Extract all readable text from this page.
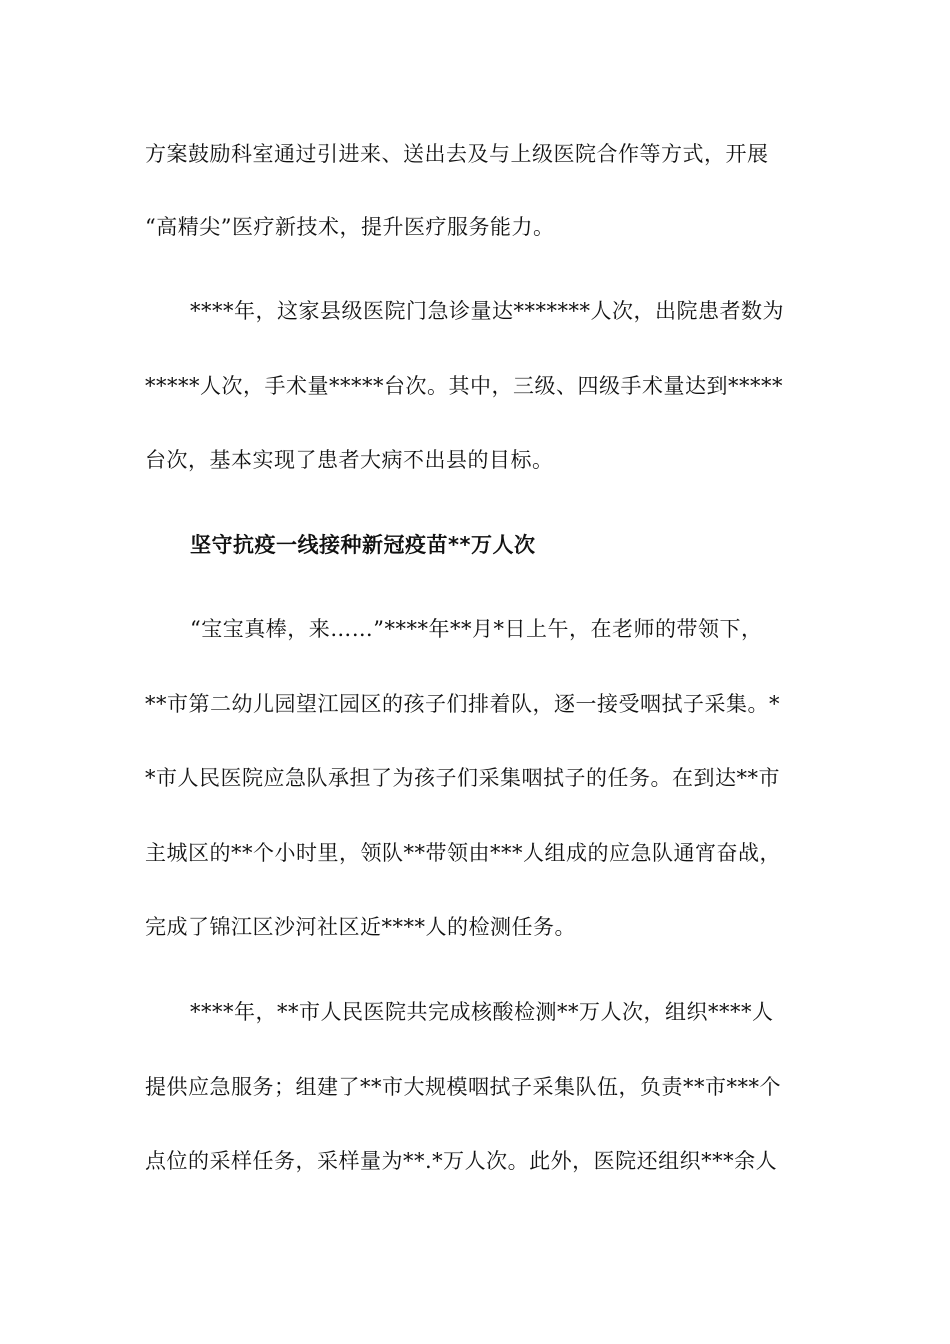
方案鼓励科室通过引进来、送出去及与上级医院合作等方式，开展
“高精尖”医疗新技术，提升医疗服务能力。
****年，这家县级医院门急诊量达*******人次，出院患者数为
*****人次，手术量*****台次。其中，三级、四级手术量达到*****
台次，基本实现了患者大病不出县的目标。
坚守抗疫一线接种新冠疫苗**万人次
“宝宝真棒，来……”****年**月*日上午，在老师的带领下，
**市第二幼儿园望江园区的孩子们排着队，逐一接受咽拭子采集。*
*市人民医院应急队承担了为孩子们采集咽拭子的任务。在到达**市
主城区的**个小时里，领队**带领由***人组成的应急队通宵奋战，
完成了锦江区沙河社区近****人的检测任务。
****年，**市人民医院共完成核酸检测**万人次，组织****人
提供应急服务；组建了**市大规模咽拭子采集队伍，负责**市***个
点位的采样任务，采样量为**.*万人次。此外，医院还组织***余人
